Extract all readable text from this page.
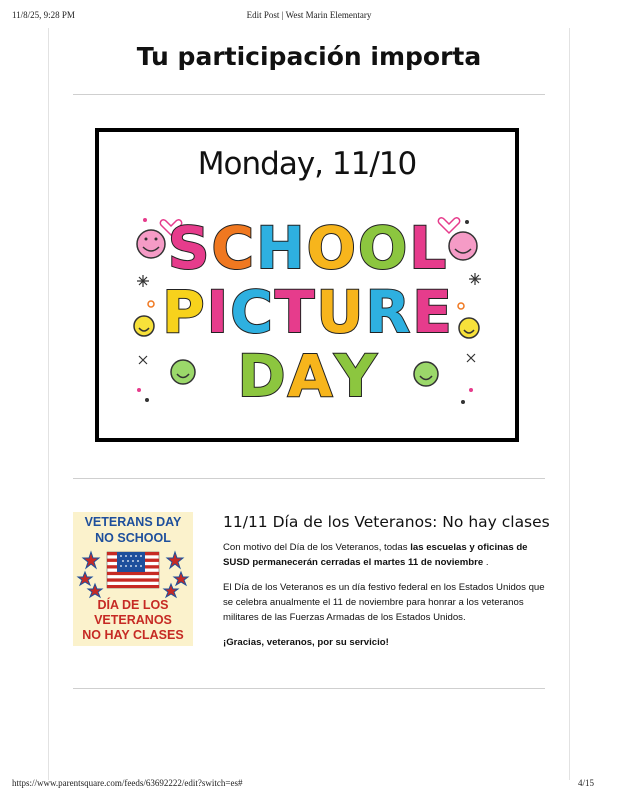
11/8/25, 9:28 PM	Edit Post | West Marin Elementary
Tu participación importa
Monday, 11/10
SCHOOL
PICTURE
DAY
VETERANS DAY
NO SCHOOL
DÍA DE LOS
VETERANOS
NO HAY CLASES
11/11 Día de los Veteranos: No hay clases

Con motivo del Día de los Veteranos, todas las escuelas y oficinas de SUSD permanecerán cerradas el martes 11 de noviembre .

El Día de los Veteranos es un día festivo federal en los Estados Unidos que se celebra anualmente el 11 de noviembre para honrar a los veteranos militares de las Fuerzas Armadas de los Estados Unidos.

¡Gracias, veteranos, por su servicio!

https://www.parentsquare.com/feeds/63692222/edit?switch=es#	4/15
